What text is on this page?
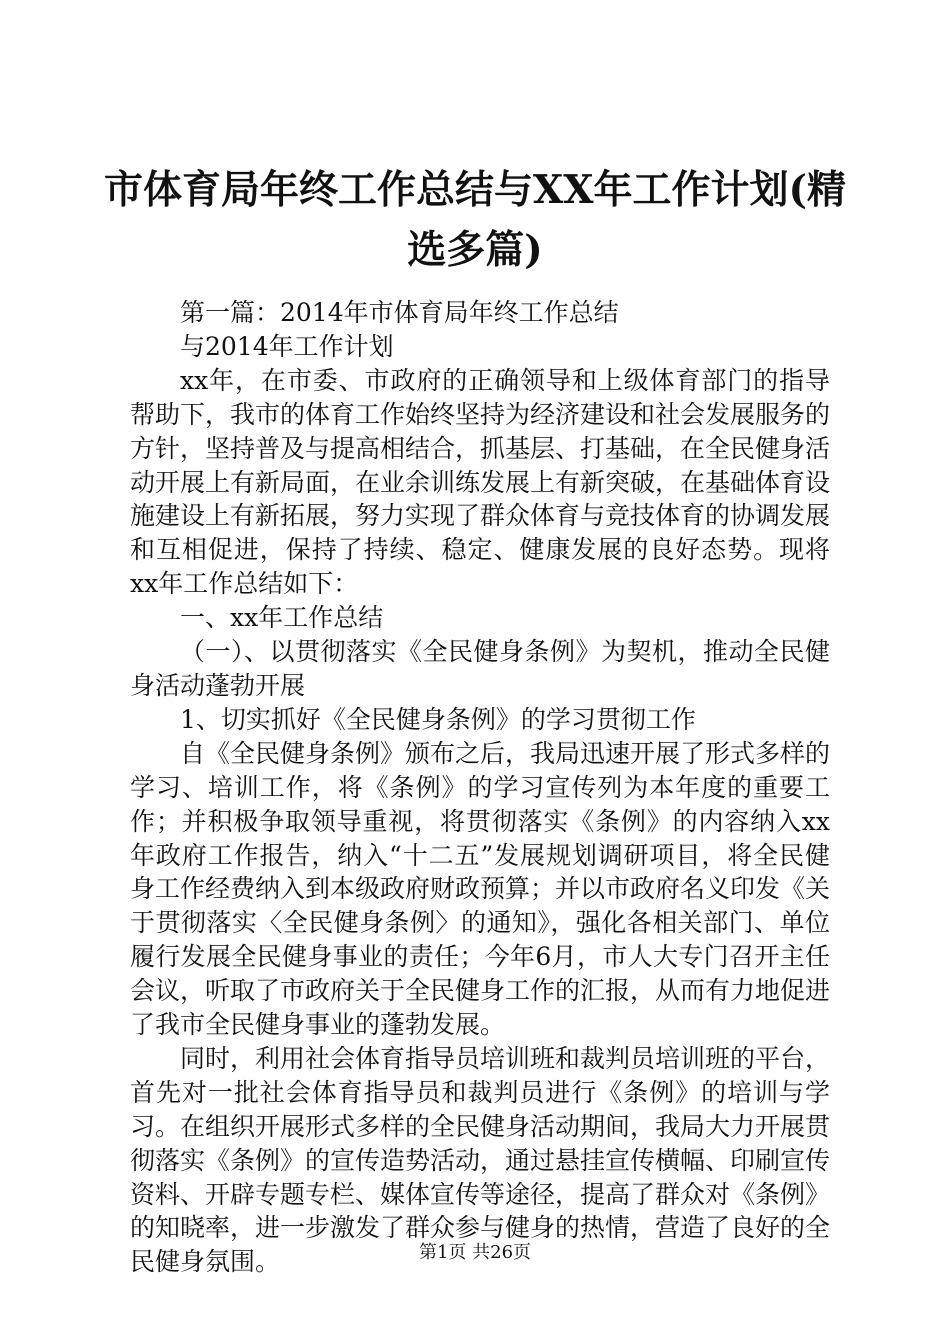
市体育局年终工作总结与XX年工作计划(精选多篇)

第一篇：2014年市体育局年终工作总结

与2014年工作计划

xx年，在市委、市政府的正确领导和上级体育部门的指导帮助下，我市的体育工作始终坚持为经济建设和社会发展服务的方针，坚持普及与提高相结合，抓基层、打基础，在全民健身活动开展上有新局面，在业余训练发展上有新突破，在基础体育设施建设上有新拓展，努力实现了群众体育与竞技体育的协调发展和互相促进，保持了持续、稳定、健康发展的良好态势。现将xx年工作总结如下：

一、xx年工作总结

（一）、以贯彻落实《全民健身条例》为契机，推动全民健身活动蓬勃开展

1、切实抓好《全民健身条例》的学习贯彻工作

自《全民健身条例》颁布之后，我局迅速开展了形式多样的学习、培训工作，将《条例》的学习宣传列为本年度的重要工作；并积极争取领导重视，将贯彻落实《条例》的内容纳入xx年政府工作报告，纳入“十二五”发展规划调研项目，将全民健身工作经费纳入到本级政府财政预算；并以市政府名义印发《关于贯彻落实〈全民健身条例〉的通知》，强化各相关部门、单位履行发展全民健身事业的责任；今年6月，市人大专门召开主任会议，听取了市政府关于全民健身工作的汇报，从而有力地促进了我市全民健身事业的蓬勃发展。

同时，利用社会体育指导员培训班和裁判员培训班的平台，首先对一批社会体育指导员和裁判员进行《条例》的培训与学习。在组织开展形式多样的全民健身活动期间，我局大力开展贯彻落实《条例》的宣传造势活动，通过悬挂宣传横幅、印刷宣传资料、开辟专题专栏、媒体宣传等途径，提高了群众对《条例》的知晓率，进一步激发了群众参与健身的热情，营造了良好的全民健身氛围。	第1页 共26页
